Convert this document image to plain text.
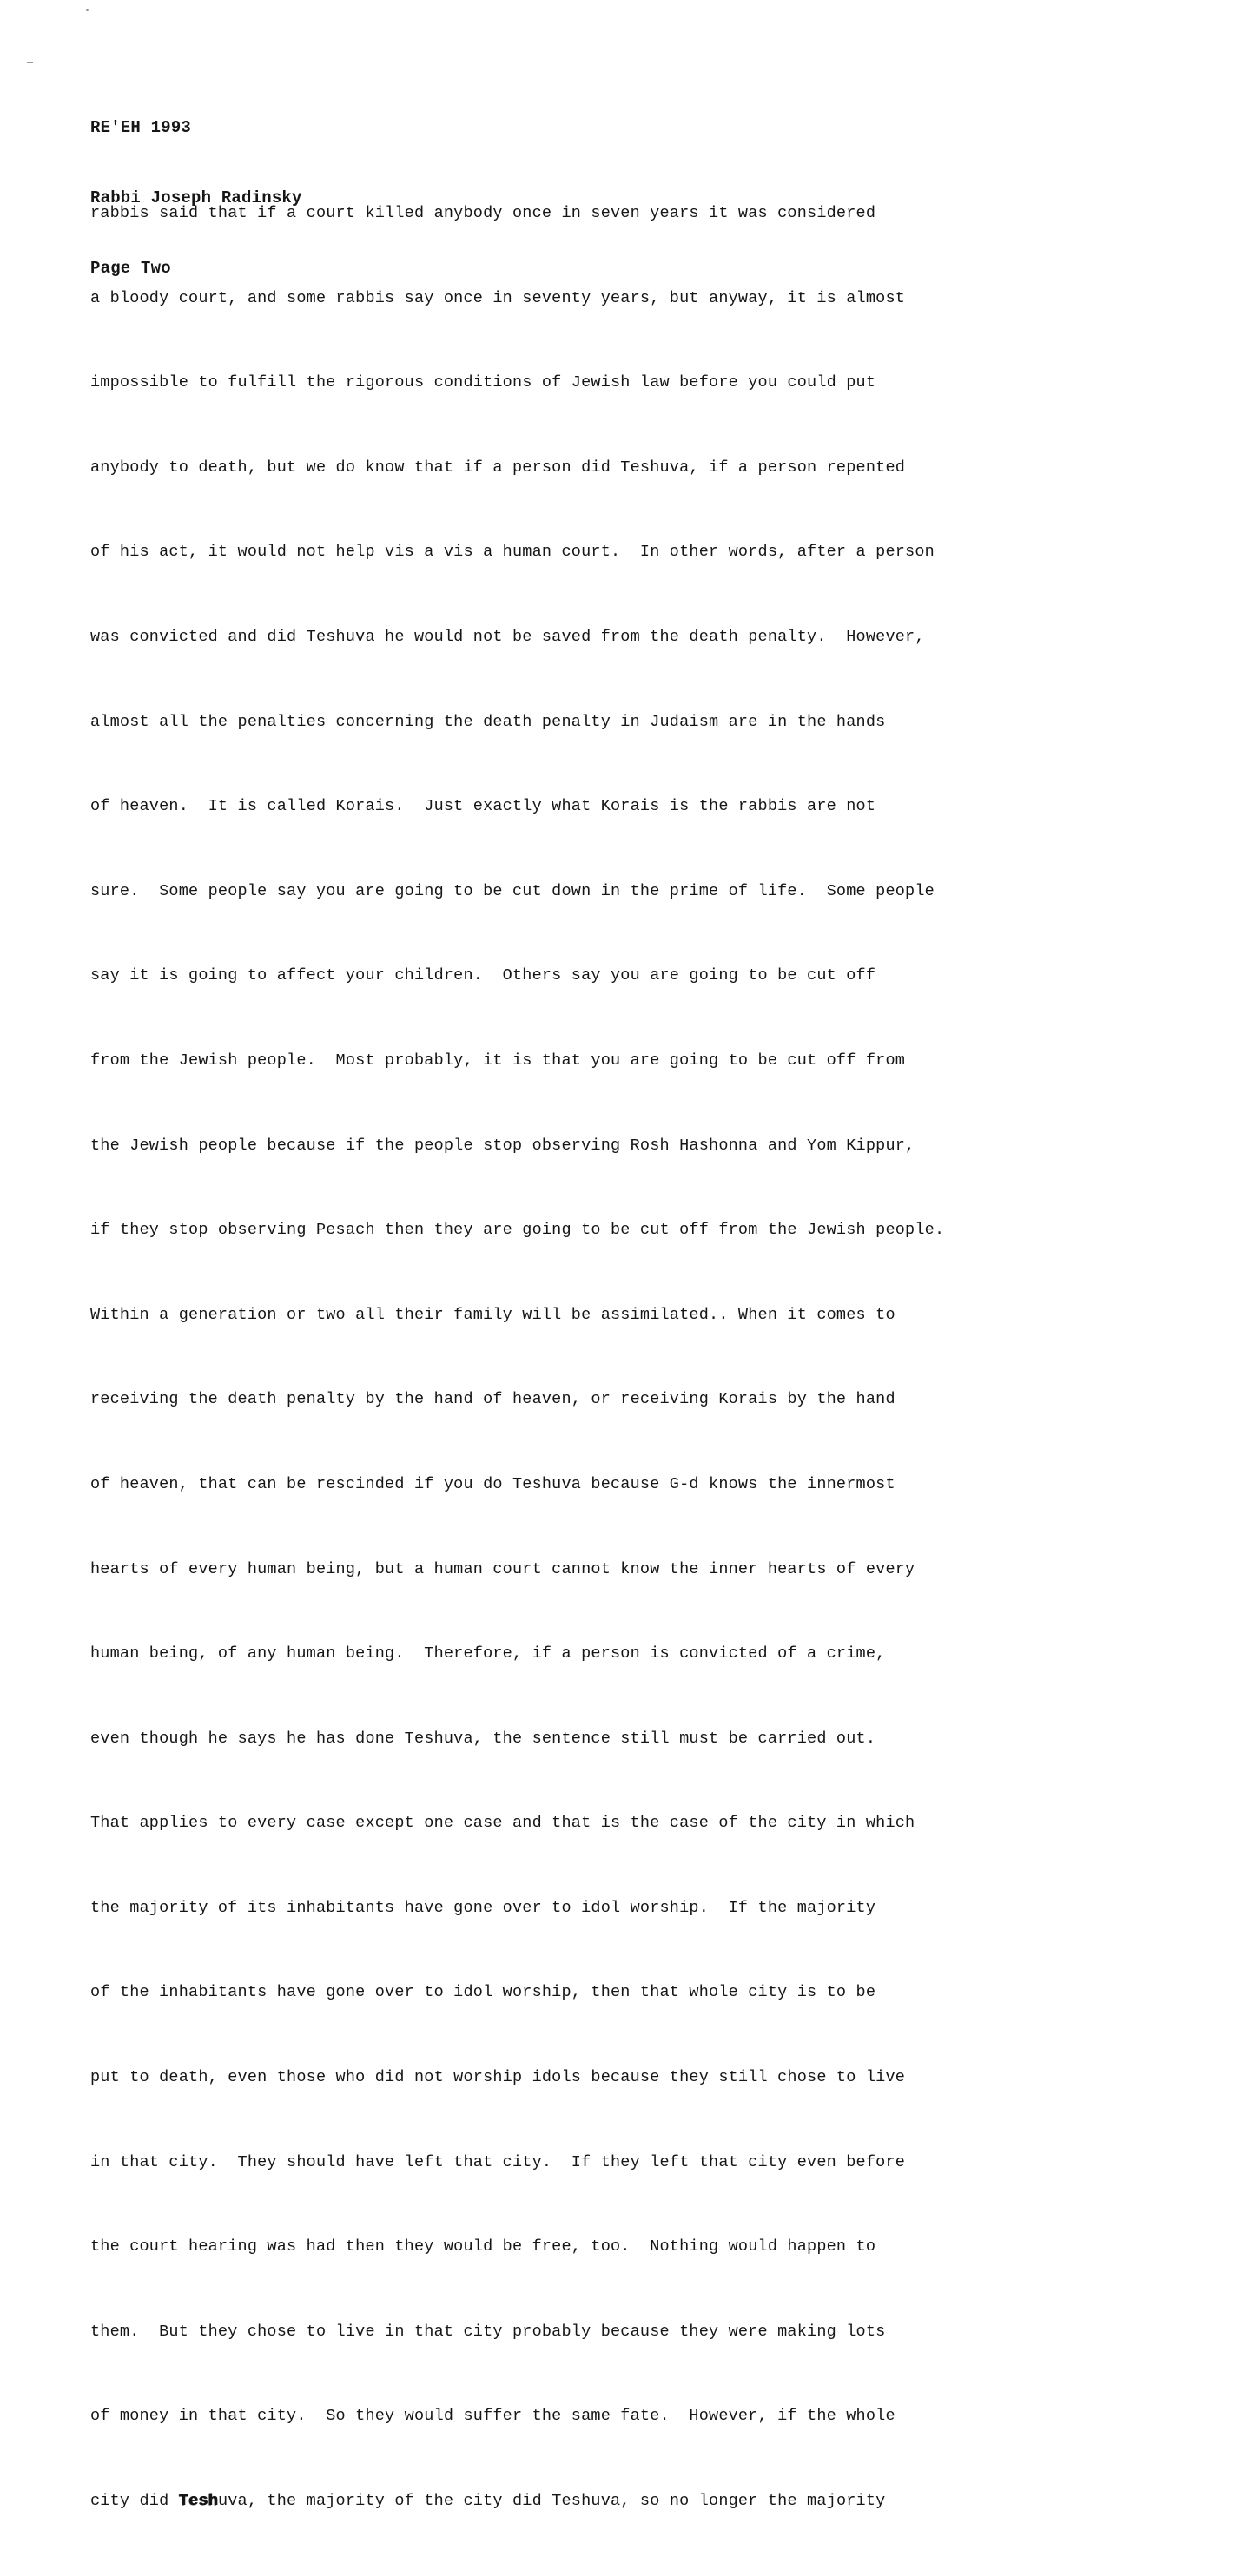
RE'EH 1993

Rabbi Joseph Radinsky

Page Two

rabbis said that if a court killed anybody once in seven years it was considered

a bloody court, and some rabbis say once in seventy years, but anyway, it is almost

impossible to fulfill the rigorous conditions of Jewish law before you could put

anybody to death, but we do know that if a person did Teshuva, if a person repented

of his act, it would not help vis a vis a human court.  In other words, after a person

was convicted and did Teshuva he would not be saved from the death penalty.  However,

almost all the penalties concerning the death penalty in Judaism are in the hands

of heaven.  It is called Korais.  Just exactly what Korais is the rabbis are not

sure.  Some people say you are going to be cut down in the prime of life.  Some people

say it is going to affect your children.  Others say you are going to be cut off

from the Jewish people.  Most probably, it is that you are going to be cut off from

the Jewish people because if the people stop observing Rosh Hashonna and Yom Kippur,

if they stop observing Pesach then they are going to be cut off from the Jewish people.

Within a generation or two all their family will be assimilated.. When it comes to

receiving the death penalty by the hand of heaven, or receiving Korais by the hand

of heaven, that can be rescinded if you do Teshuva because G-d knows the innermost

hearts of every human being, but a human court cannot know the inner hearts of every

human being, of any human being.  Therefore, if a person is convicted of a crime,

even though he says he has done Teshuva, the sentence still must be carried out.

That applies to every case except one case and that is the case of the city in which

the majority of its inhabitants have gone over to idol worship.  If the majority

of the inhabitants have gone over to idol worship, then that whole city is to be

put to death, even those who did not worship idols because they still chose to live

in that city.  They should have left that city.  If they left that city even before

the court hearing was had then they would be free, too.  Nothing would happen to

them.  But they chose to live in that city probably because they were making lots

of money in that city.  So they would suffer the same fate.  However, if the whole

city did Teshuva, the majority of the city did Teshuva, so no longer the majority
